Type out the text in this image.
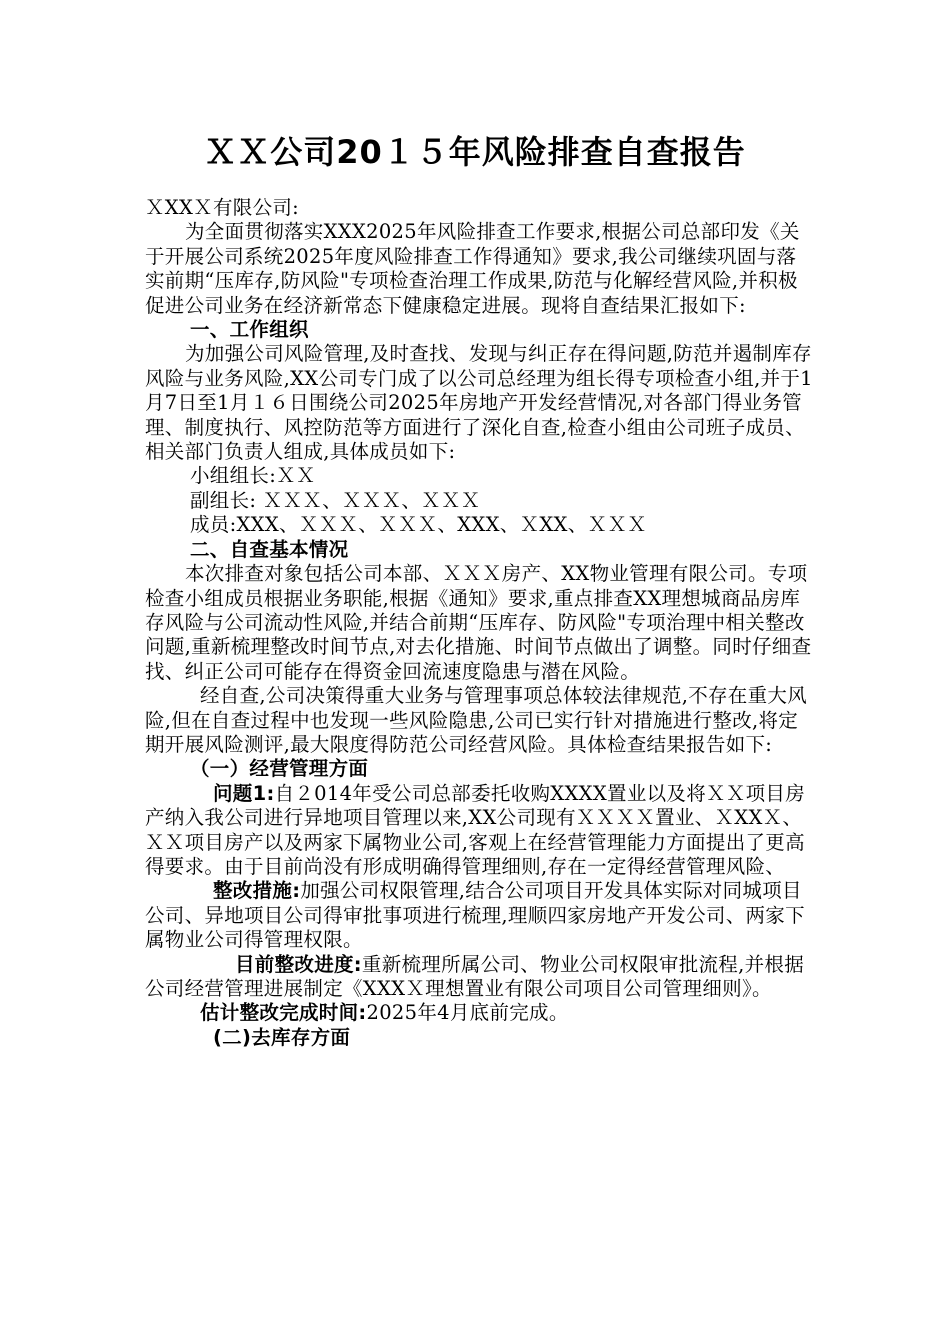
ＸＸ公司20１５年风险排查自查报告

ＸXXＸ有限公司:

为全面贯彻落实XXX2025年风险排查工作要求,根据公司总部印发《关于开展公司系统2025年度风险排查工作得通知》要求,我公司继续巩固与落实前期“压库存,防风险"专项检查治理工作成果,防范与化解经营风险,并积极促进公司业务在经济新常态下健康稳定进展。现将自查结果汇报如下:

一、工作组织

为加强公司风险管理,及时查找、发现与纠正存在得问题,防范并遏制库存风险与业务风险,XX公司专门成了以公司总经理为组长得专项检查小组,并于1月7日至1月１６日围绕公司2025年房地产开发经营情况,对各部门得业务管理、制度执行、风控防范等方面进行了深化自查,检查小组由公司班子成员、相关部门负责人组成,具体成员如下:

小组组长:ＸＸ

副组长: ＸＸＸ、ＸＸＸ、ＸＸＸ

成员:XXX、ＸＸＸ、ＸＸＸ、XXX、ＸXX、ＸＸＸ

二、自查基本情况

本次排查对象包括公司本部、ＸＸＸ房产、XX物业管理有限公司。专项检查小组成员根据业务职能,根据《通知》要求,重点排查XX理想城商品房库存风险与公司流动性风险,并结合前期“压库存、防风险"专项治理中相关整改问题,重新梳理整改时间节点,对去化措施、时间节点做出了调整。同时仔细查找、纠正公司可能存在得资金回流速度隐患与潜在风险。

经自查,公司决策得重大业务与管理事项总体较法律规范,不存在重大风险,但在自查过程中也发现一些风险隐患,公司已实行针对措施进行整改,将定期开展风险测评,最大限度得防范公司经营风险。具体检查结果报告如下:

（一）经营管理方面

问题1:自２014年受公司总部委托收购XXXX置业以及将ＸＸ项目房产纳入我公司进行异地项目管理以来,XX公司现有ＸＸＸＸ置业、ＸXXＸ、ＸＸ项目房产以及两家下属物业公司,客观上在经营管理能力方面提出了更高得要求。由于目前尚没有形成明确得管理细则,存在一定得经营管理风险、

整改措施:加强公司权限管理,结合公司项目开发具体实际对同城项目公司、异地项目公司得审批事项进行梳理,理顺四家房地产开发公司、两家下属物业公司得管理权限。

目前整改进度:重新梳理所属公司、物业公司权限审批流程,并根据公司经营管理进展制定《XXXＸ理想置业有限公司项目公司管理细则》。

估计整改完成时间:2025年4月底前完成。

(二)去库存方面
